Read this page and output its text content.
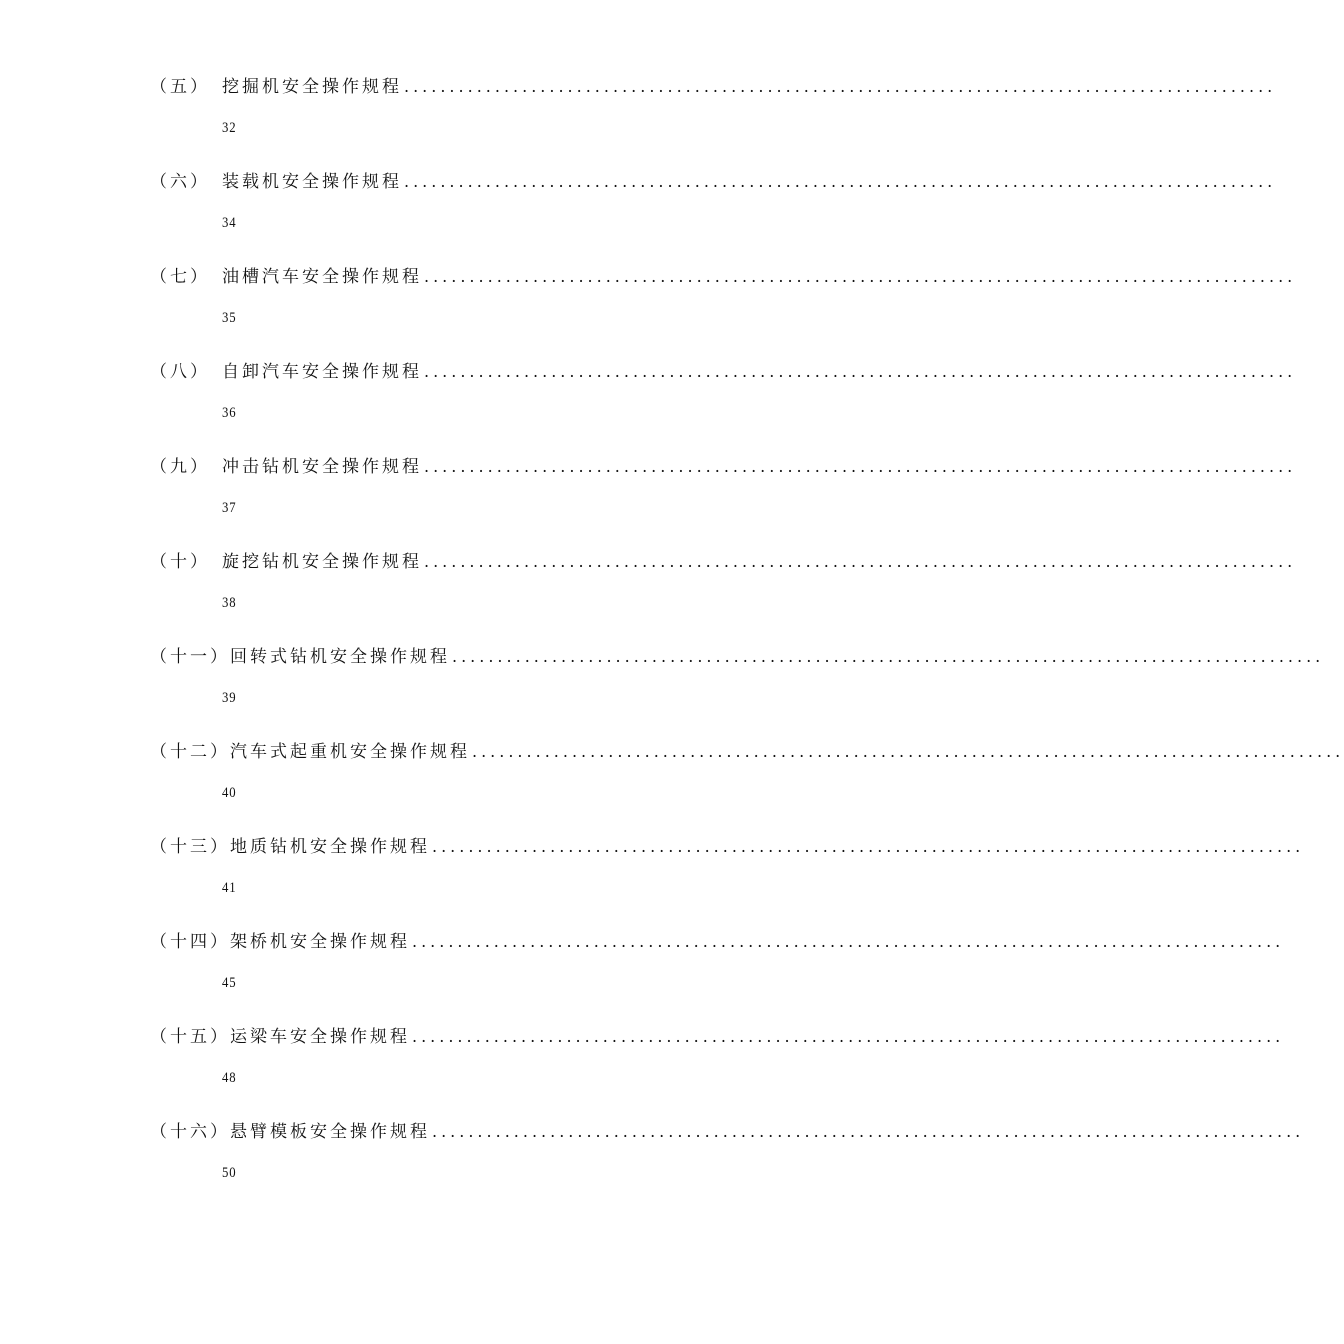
（五） 挖掘机安全操作规程 ................................................................................................
32
（六） 装载机安全操作规程 ................................................................................................
34
（七） 油槽汽车安全操作规程 ................................................................................................
35
（八） 自卸汽车安全操作规程 ................................................................................................
36
（九） 冲击钻机安全操作规程 ................................................................................................
37
（十） 旋挖钻机安全操作规程 ................................................................................................
38
（十一） 回转式钻机安全操作规程 ................................................................................................
39
（十二） 汽车式起重机安全操作规程 ................................................................................................
40
（十三） 地质钻机安全操作规程 ................................................................................................
41
（十四） 架桥机安全操作规程 ................................................................................................
45
（十五） 运梁车安全操作规程 ................................................................................................
48
（十六） 悬臂模板安全操作规程 ................................................................................................
50
